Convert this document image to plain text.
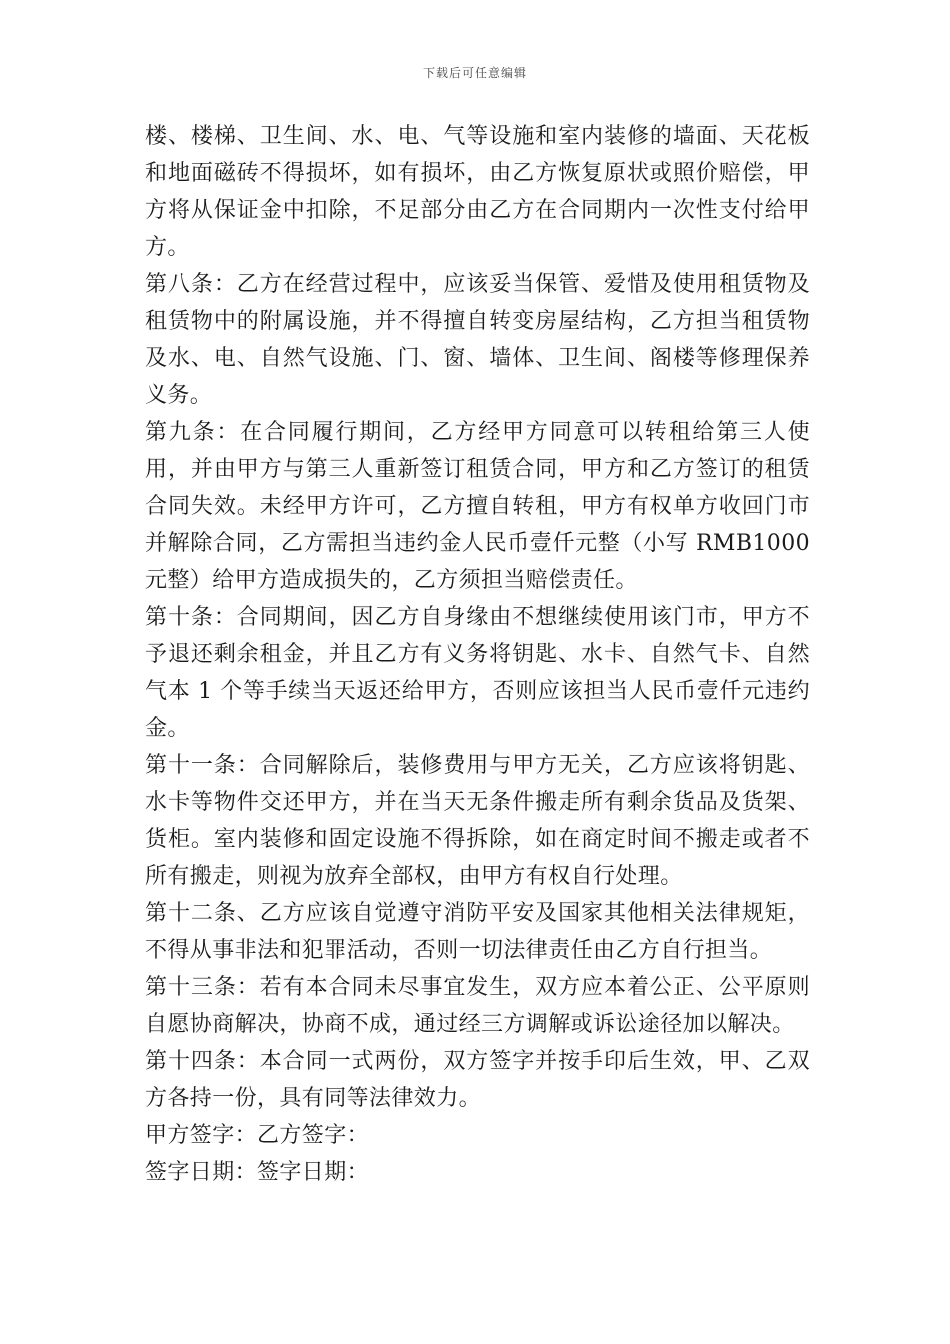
下载后可任意编辑

楼、楼梯、卫生间、水、电、气等设施和室内装修的墙面、天花板和地面磁砖不得损坏，如有损坏，由乙方恢复原状或照价赔偿，甲方将从保证金中扣除，不足部分由乙方在合同期内一次性支付给甲方。

第八条：乙方在经营过程中，应该妥当保管、爱惜及使用租赁物及租赁物中的附属设施，并不得擅自转变房屋结构，乙方担当租赁物及水、电、自然气设施、门、窗、墙体、卫生间、阁楼等修理保养义务。

第九条：在合同履行期间，乙方经甲方同意可以转租给第三人使用，并由甲方与第三人重新签订租赁合同，甲方和乙方签订的租赁合同失效。未经甲方许可，乙方擅自转租，甲方有权单方收回门市并解除合同，乙方需担当违约金人民币壹仟元整（小写 RMB1000 元整）给甲方造成损失的，乙方须担当赔偿责任。

第十条：合同期间，因乙方自身缘由不想继续使用该门市，甲方不予退还剩余租金，并且乙方有义务将钥匙、水卡、自然气卡、自然气本 1 个等手续当天返还给甲方，否则应该担当人民币壹仟元违约金。

第十一条：合同解除后，装修费用与甲方无关，乙方应该将钥匙、水卡等物件交还甲方，并在当天无条件搬走所有剩余货品及货架、货柜。室内装修和固定设施不得拆除，如在商定时间不搬走或者不所有搬走，则视为放弃全部权，由甲方有权自行处理。

第十二条、乙方应该自觉遵守消防平安及国家其他相关法律规矩，不得从事非法和犯罪活动，否则一切法律责任由乙方自行担当。

第十三条：若有本合同未尽事宜发生，双方应本着公正、公平原则自愿协商解决，协商不成，通过经三方调解或诉讼途径加以解决。

第十四条：本合同一式两份，双方签字并按手印后生效，甲、乙双方各持一份，具有同等法律效力。

甲方签字：乙方签字：

签字日期：签字日期：
